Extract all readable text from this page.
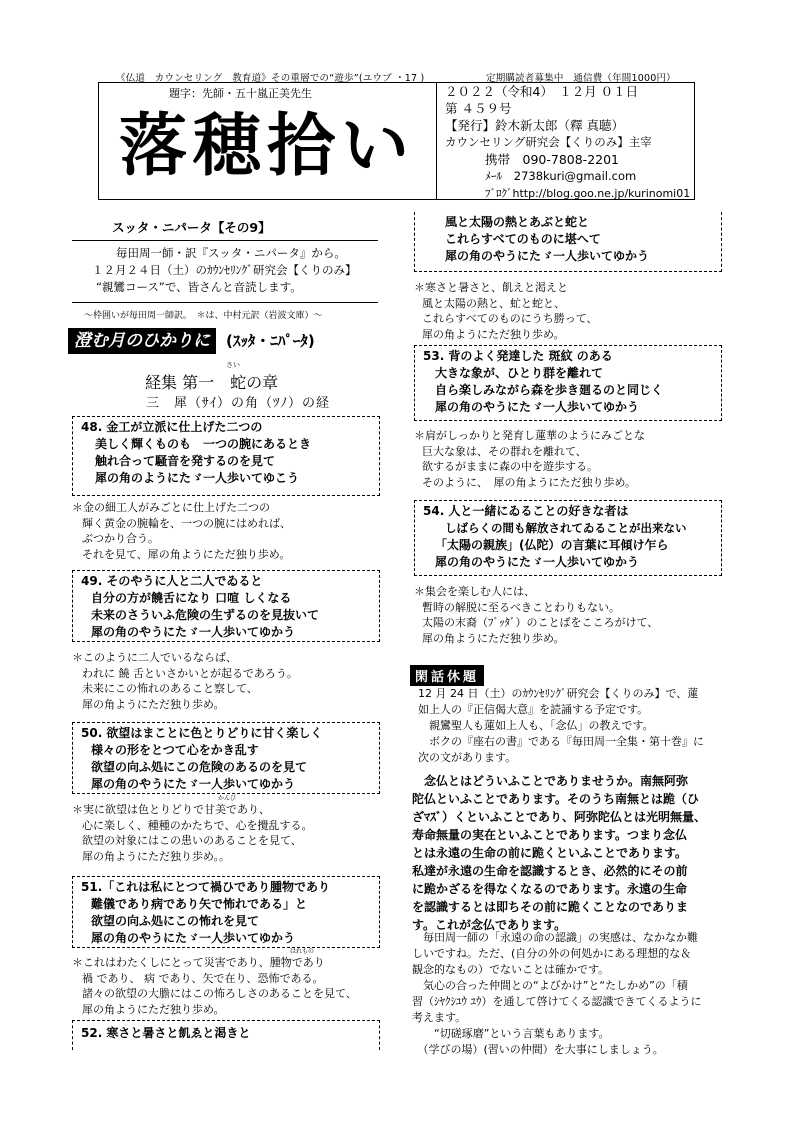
《仏道　カウンセリング　教育道》その重層での“遊歩”(ユウブ ・17 )	定期購読者募集中　通信費（年間1000円）
題字：先師・五十嵐正美先生
落穂拾い
２０２２（令和4）　１２月 ０１日
第 ４５９号
【発行】鈴木新太郎（釋 真聴）
カウンセリング研究会【くりのみ】主宰
携帯　090-7808-2201
ﾒｰﾙ　2738kuri@gmail.com
ﾌﾞﾛｸﾞhttp://blog.goo.ne.jp/kurinomi01
スッタ・ニパータ【その9】
毎田周一師・訳『スッタ・ニパータ』から。
１２月２４日（土）のｶｳﾝｾﾘﾝｸﾞ研究会【くりのみ】
“親鸞コース”で、皆さんと音読します。
～枠囲いが毎田周一師訳。　＊は、中村元訳（岩波文庫）～
澄む月のひかりに	(ｽｯﾀ・ﾆﾊﾟｰﾀ)
経集 第一　蛇の章
さい
三　犀（ｻｲ）の角（ﾂﾉ）の経
48. 金工が立派に仕上げた二つの
美しく輝くものも　一つの腕にあるとき
触れ合って騒音を発するのを見て
犀の角のようにたゞ一人歩いてゆこう
＊金の細工人がみごとに仕上げた二つの
輝く黄金の腕輪を、一つの腕にはめれば、
ぶつかり合う。
それを見て、犀の角ようにただ独り歩め。
49. そのやうに人と二人でゐると
自分の方が饒舌になり 口喧 しくなる
未来のさういふ危険の生ずるのを見抜いて
犀の角のやうにたゞ一人歩いてゆかう
＊このように二人でいるならば、
われに 饒 舌といさかいとが起るであろう。
未来にこの怖れのあること察して、
犀の角ようにただ独り歩め。
50. 欲望はまことに色とりどりに甘く楽しく
様々の形をとつて心をかき乱す
欲望の向ふ処にこの危険のあるのを見て
犀の角のやうにたゞ一人歩いてゆかう
かんび
＊実に欲望は色とりどりで甘美であり、
心に楽しく、種種のかたちで、心を攪乱する。
欲望の対象にはこの患いのあることを見て、
犀の角ようにただ独り歩め。。
51.「これは私にとつて禍ひであり腫物であり
難儀であり病であり矢で怖れである」と
欲望の向ふ処にこの怖れを見て
犀の角のやうにたゞ一人歩いてゆかう
はれもの
＊これはわたくしにとって災害であり、腫物であり
禍 であり、 病 であり、矢で在り、恐怖である。
諸々の欲望の大膽にはこの怖ろしさのあることを見て、
犀の角ようにただ独り歩め。
52. 寒さと暑さと飢ゑと渇きと
風と太陽の熱とあぶと蛇と
これらすべてのものに堪へて
犀の角のやうにたゞ一人歩いてゆかう
＊寒さと暑さと、飢えと渇えと
風と太陽の熱と、虻と蛇と、
これらすべてのものにうち勝って、
犀の角ようにただ独り歩め。
53. 背のよく発達した 斑紋 のある
大きな象が、ひとり群を離れて
自ら楽しみながら森を歩き廻るのと同じく
犀の角のやうにたゞ一人歩いてゆかう
＊肩がしっかりと発育し蓮華のようにみごとな
巨大な象は、その群れを離れて、
欲するがままに森の中を遊歩する。
そのように、　犀の角ようにただ独り歩め。
54. 人と一緒にゐることの好きな者は
しばらくの間も解放されてゐることが出来ない
「太陽の親族」(仏陀）の言葉に耳傾け乍ら
犀の角のやうにたゞ一人歩いてゆかう
＊集会を楽しむ人には、
暫時の解脱に至るべきことわりもない。
太陽の末裔（ﾌﾞｯﾀﾞ）のことばをこころがけて、
犀の角ようにただ独り歩め。
閑話休題
12 月 24 日（土）のｶｳﾝｾﾘﾝｸﾞ研究会【くりのみ】で、蓮
如上人の『正信偈大意』を読誦する予定です。
　親鸞聖人も蓮如上人も、「念仏」の教えです。
　ボクの『座右の書』である『毎田周一全集・第十巻』に
次の文があります。
念仏とはどういふことでありませうか。南無阿弥
陀仏といふことであります。そのうち南無とは跪（ひ
ざﾏｽﾞ）くといふことであり、阿弥陀仏とは光明無量、
寿命無量の実在といふことであります。つまり念仏
とは永遠の生命の前に跪くといふことであります。
私達が永遠の生命を認識するとき、必然的にその前
に跪かざるを得なくなるのであります。永遠の生命
を認識するとは即ちその前に跪くことなのでありま
す。これが念仏であります。
　毎田周一師の「永遠の命の認識」の実感は、なかなか難
しいですね。ただ、(自分の外の何処かにある理想的な＆
観念的なもの）でないことは確かです。
　気心の合った仲間との“よびかけ”と“たしかめ”の「積
習（ｼﾔｸｼﾕｳ ﾕｳ）を通して啓けてくる認識できてくるように
考えます。
　　“切磋琢磨”という言葉もあります。
　（学びの場）(習いの仲間）を大事にしましょう。
